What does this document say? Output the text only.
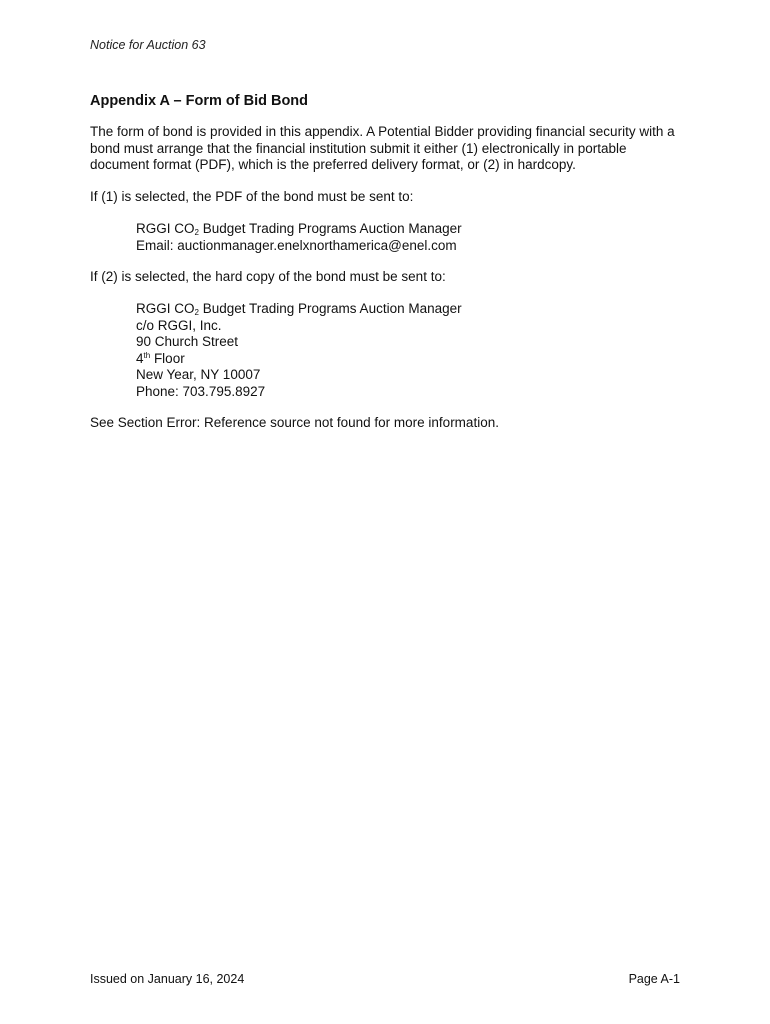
Notice for Auction 63
Appendix A – Form of Bid Bond

The form of bond is provided in this appendix. A Potential Bidder providing financial security with a bond must arrange that the financial institution submit it either (1) electronically in portable document format (PDF), which is the preferred delivery format, or (2) in hardcopy.

If (1) is selected, the PDF of the bond must be sent to:

RGGI $CO_2$ Budget Trading Programs Auction Manager
Email: auctionmanager.enelxnorthamerica@enel.com

If (2) is selected, the hard copy of the bond must be sent to:

RGGI $CO_2$ Budget Trading Programs Auction Manager
c/o RGGI, Inc.
90 Church Street
4th Floor
New Year, NY 10007
Phone: 703.795.8927

See Section Error: Reference source not found for more information.

Issued on January 16, 2024	Page A-1
